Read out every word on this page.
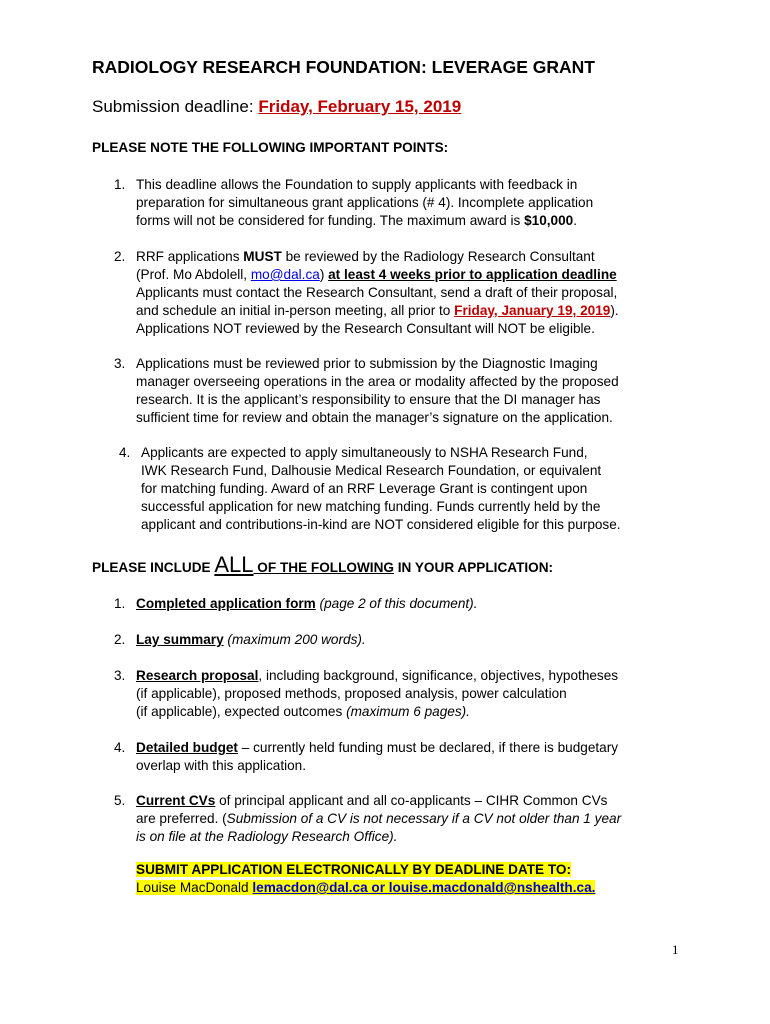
RADIOLOGY RESEARCH FOUNDATION: LEVERAGE GRANT
Submission deadline: Friday, February 15, 2019
PLEASE NOTE THE FOLLOWING IMPORTANT POINTS:
1. This deadline allows the Foundation to supply applicants with feedback in
preparation for simultaneous grant applications (# 4). Incomplete application
forms will not be considered for funding. The maximum award is $10,000.
2. RRF applications MUST be reviewed by the Radiology Research Consultant
(Prof. Mo Abdolell, mo@dal.ca) at least 4 weeks prior to application deadline
Applicants must contact the Research Consultant, send a draft of their proposal,
and schedule an initial in-person meeting, all prior to Friday, January 19, 2019).
Applications NOT reviewed by the Research Consultant will NOT be eligible.
3. Applications must be reviewed prior to submission by the Diagnostic Imaging
manager overseeing operations in the area or modality affected by the proposed
research. It is the applicant’s responsibility to ensure that the DI manager has
sufficient time for review and obtain the manager’s signature on the application.
4. Applicants are expected to apply simultaneously to NSHA Research Fund,
IWK Research Fund, Dalhousie Medical Research Foundation, or equivalent
for matching funding. Award of an RRF Leverage Grant is contingent upon
successful application for new matching funding. Funds currently held by the
applicant and contributions-in-kind are NOT considered eligible for this purpose.
PLEASE INCLUDE ALL OF THE FOLLOWING IN YOUR APPLICATION:
1. Completed application form (page 2 of this document).
2. Lay summary (maximum 200 words).
3. Research proposal, including background, significance, objectives, hypotheses
(if applicable), proposed methods, proposed analysis, power calculation
(if applicable), expected outcomes (maximum 6 pages).
4. Detailed budget – currently held funding must be declared, if there is budgetary
overlap with this application.
5. Current CVs of principal applicant and all co-applicants – CIHR Common CVs
are preferred. (Submission of a CV is not necessary if a CV not older than 1 year
is on file at the Radiology Research Office).
SUBMIT APPLICATION ELECTRONICALLY BY DEADLINE DATE TO:
Louise MacDonald lemacdon@dal.ca or louise.macdonald@nshealth.ca.
1
